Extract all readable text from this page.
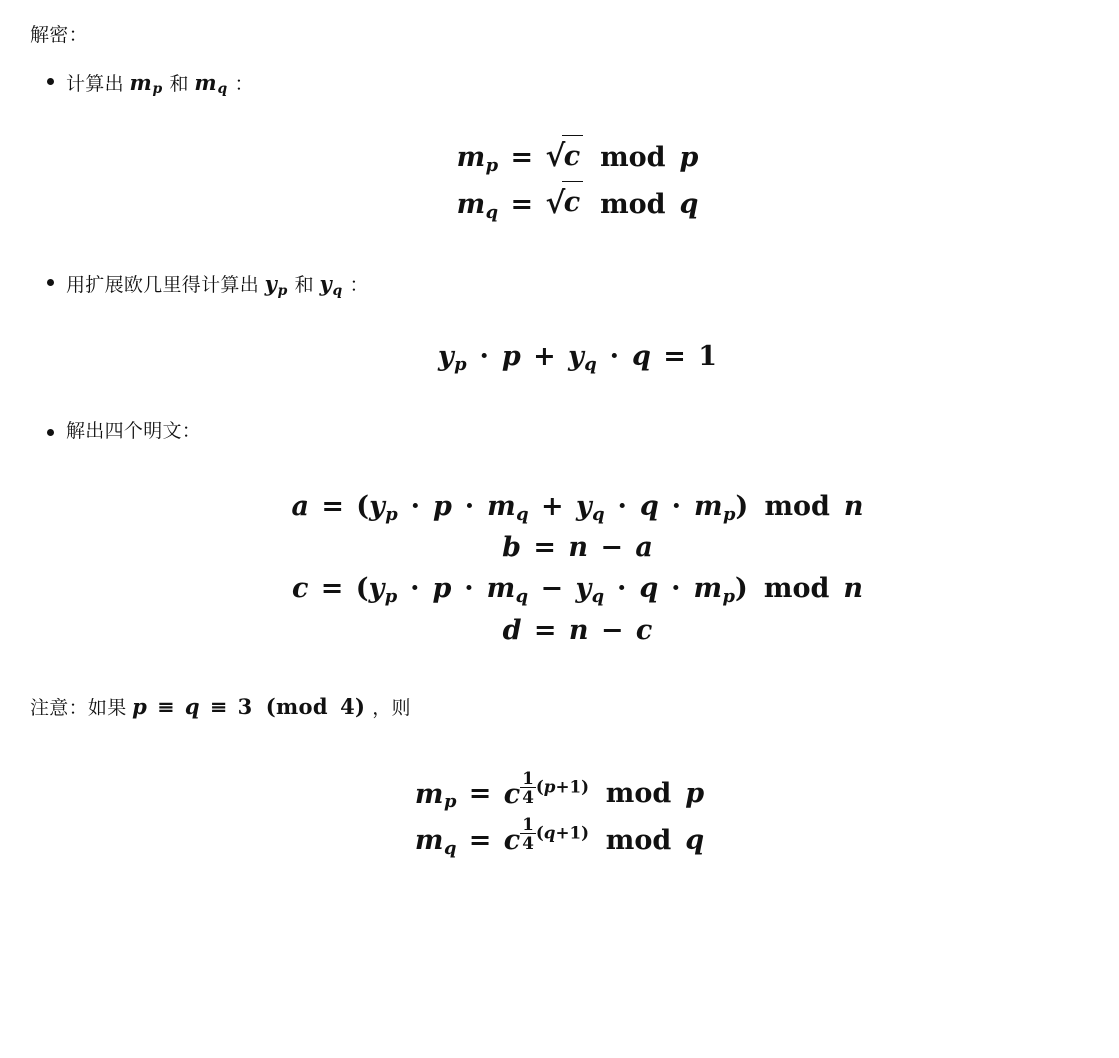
解密：

计算出 $m_p$ 和 $m_q$ ：
$m_p = √c$ mod p
$m_q = √c$ mod q
用扩展欧几里得计算出 $y_p$ 和 $y_q$ ：
$y_p \cdot p + y_q \cdot q = 1$
解出四个明文：
$a = (y_p \cdot p \cdot m_q + y_q \cdot q \cdot m_p)$ mod n
b = n − a
$c = (y_p \cdot p \cdot m_q - y_q \cdot q \cdot m_p)$ mod n
d = n − c

注意：如果 p ≡ q ≡ 3 (mod 4) ，则

$m_p = c \frac{1}{4} (p+1)$ mod p
$m_q = c \frac{1}{4} (q+1)$ mod q
